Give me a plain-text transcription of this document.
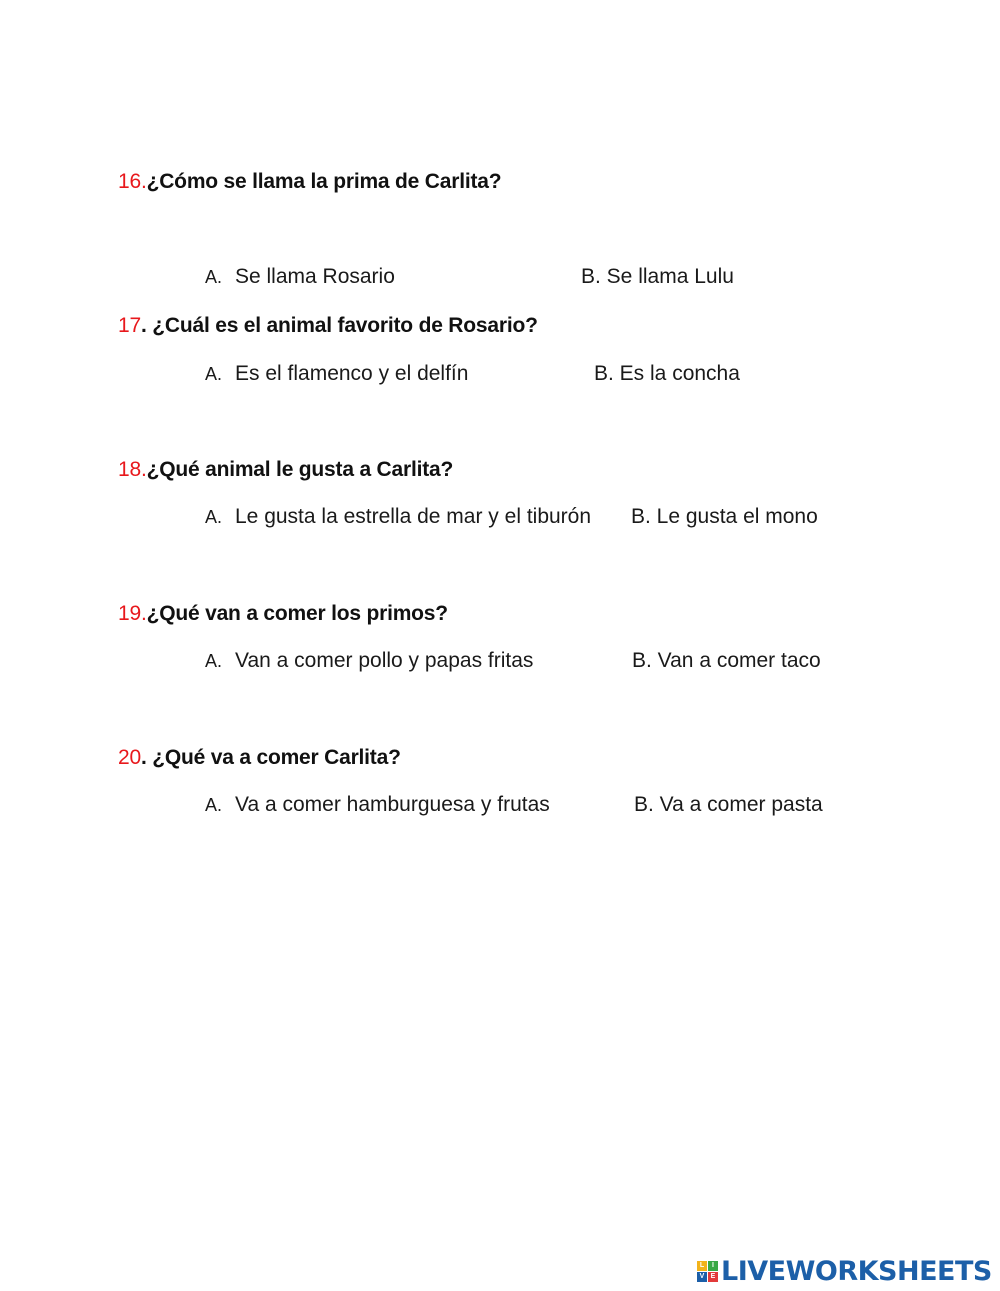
16.¿Cómo se llama la prima de Carlita?
A. Se llama Rosario	B. Se llama Lulu
17. ¿Cuál es el animal favorito de Rosario?
A. Es el flamenco y el delfín	B. Es la concha
18.¿Qué animal le gusta a Carlita?
A. Le gusta la estrella de mar y el tiburón B. Le gusta el mono
19.¿Qué van a comer los primos?
A. Van a comer pollo y papas fritas	B. Van a comer taco
20. ¿Qué va a comer Carlita?
A. Va a comer hamburguesa y frutas	B. Va a comer pasta
L	I
V E LIVEWORKSHEETS
